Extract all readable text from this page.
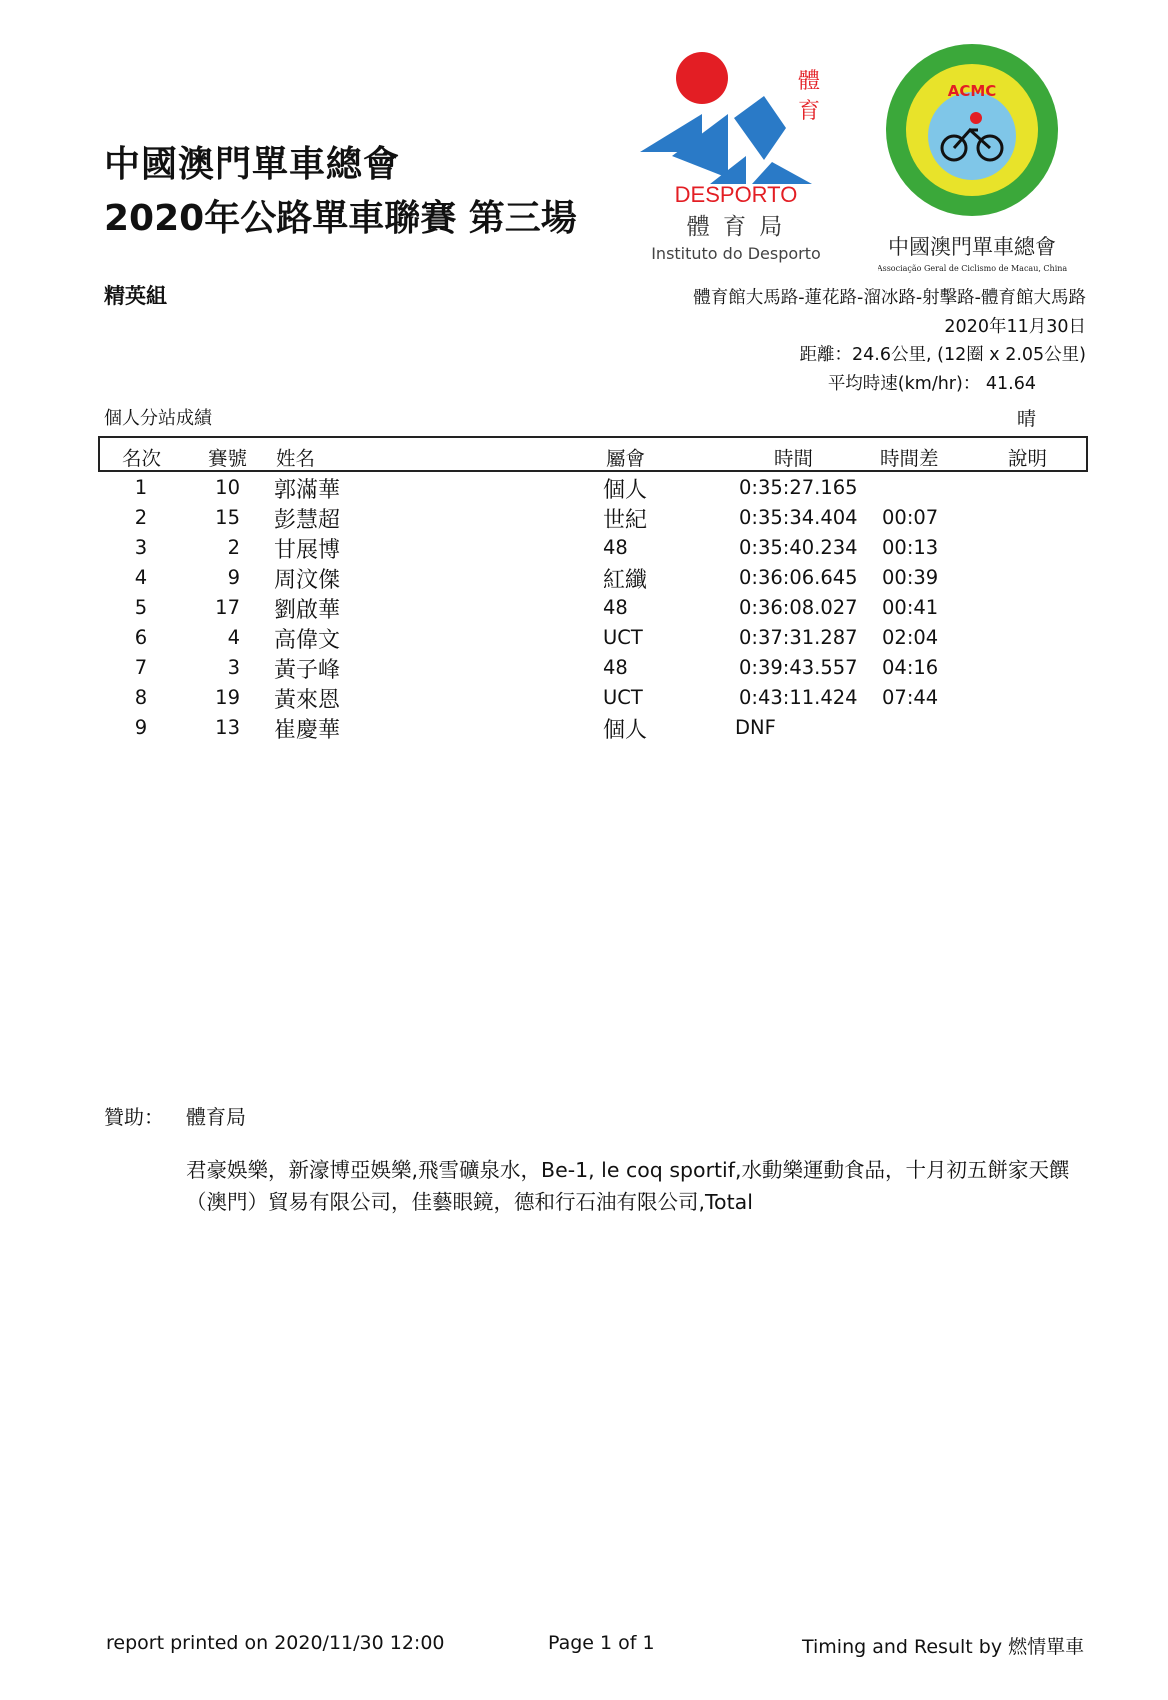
中國澳門單車總會
2020年公路單車聯賽 第三場
精英組
體
育
DESPORTO
體 育 局
Instituto do Desporto
ACMC
中國澳門單車總會
Associação Geral de Ciclismo de Macau, China
體育館大馬路-蓮花路-溜冰路-射擊路-體育館大馬路
2020年11月30日
距離：24.6公里, (12圈 x 2.05公里)
平均時速(km/hr)： 41.64
個人分站成績	晴
名次 賽號 姓名	屬會	時間	時間差	說明
1	10 郭滿華	個人	0:35:27.165
2	15 彭慧超	世紀	0:35:34.404 00:07
3	2 甘展博	48	0:35:40.234 00:13
4	9 周汶傑	紅纖	0:36:06.645 00:39
5	17 劉啟華	48	0:36:08.027 00:41
6	4 高偉文	UCT	0:37:31.287 02:04
7	3 黃子峰	48	0:39:43.557 04:16
8	19 黃來恩	UCT	0:43:11.424 07:44
9	13 崔慶華	個人	DNF
贊助： 體育局
君豪娛樂，新濠博亞娛樂,飛雪礦泉水，Be-1, le coq sportif,水動樂運動食品，十月初五餅家天饌（澳門）貿易有限公司，佳藝眼鏡，德和行石油有限公司,Total
report printed on 2020/11/30 12:00	Page 1 of 1	Timing and Result by 燃情單車
